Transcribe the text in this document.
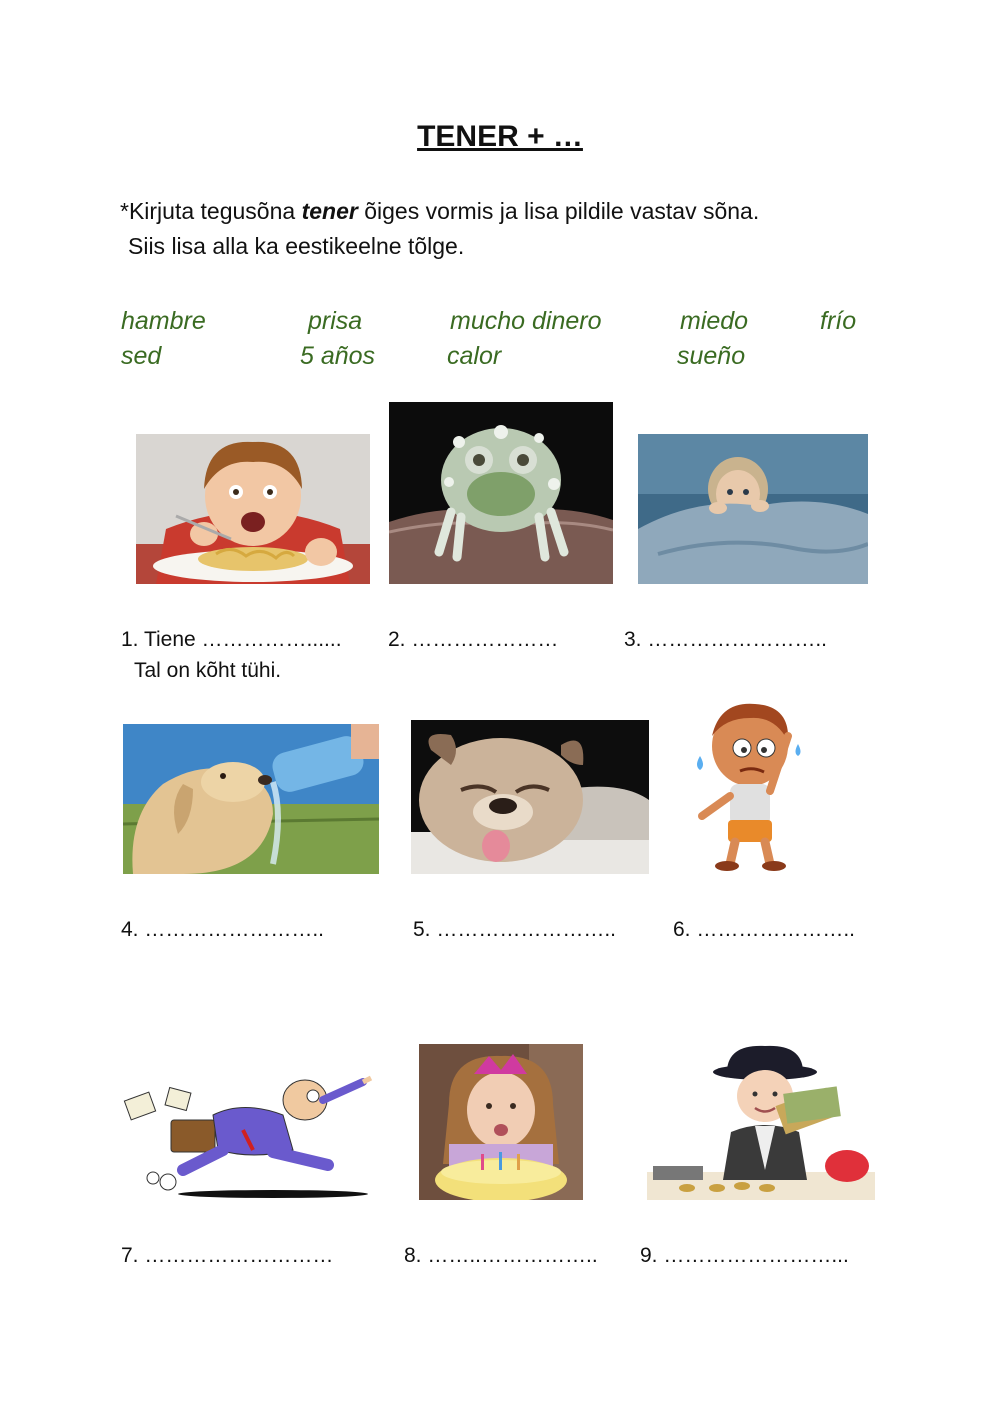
TENER + …
*Kirjuta tegusõna tener õiges vormis ja lisa pildile vastav sõna.
Siis lisa alla ka eestikeelne tõlge.
hambre	prisa	mucho dinero	miedo	frío
sed	5 años	calor	sueño
1. Tiene ……………......
Tal on kõht tühi.
2. …………………	3. ……………………..
4. ……………………..	5. ……………………..	6. …………………..
7. ………………………	8. ……..…………….. 9. ……………………...
